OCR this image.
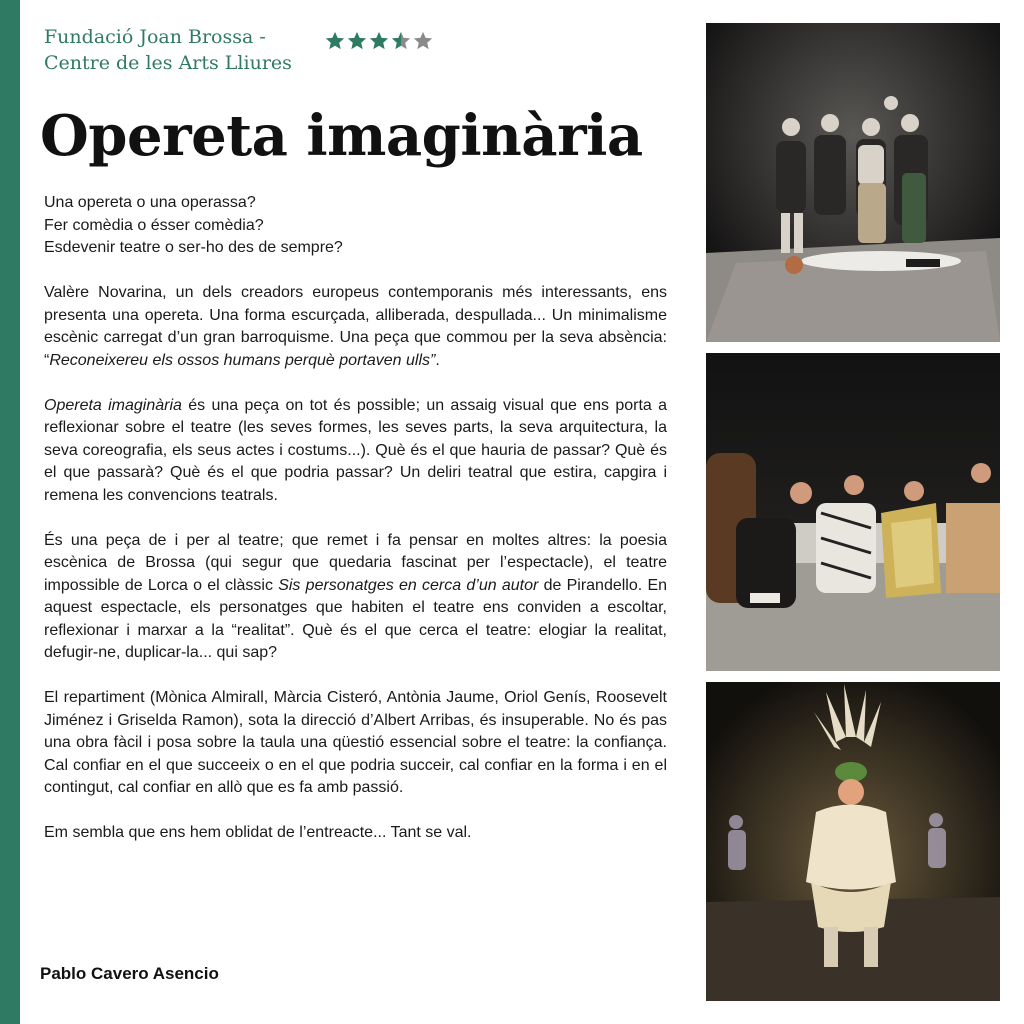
Fundació Joan Brossa -
Centre de les Arts Lliures
Opereta imaginària

Una opereta o una operassa?
Fer comèdia o ésser comèdia?
Esdevenir teatre o ser-ho des de sempre?

Valère Novarina, un dels creadors europeus contemporanis més interessants, ens presenta una opereta. Una forma escurçada, alliberada, despullada... Un minimalisme escènic carregat d’un gran barroquisme. Una peça que commou per la seva absència: “Reconeixereu els ossos humans perquè portaven ulls”.

Opereta imaginària és una peça on tot és possible; un assaig visual que ens porta a reflexionar sobre el teatre (les seves formes, les seves parts, la seva arquitectura, la seva coreografia, els seus actes i costums...). Què és el que hauria de passar? Què és el que passarà? Què és el que podria passar? Un deliri teatral que estira, capgira i remena les convencions teatrals.

És una peça de i per al teatre; que remet i fa pensar en moltes altres: la poesia escènica de Brossa (qui segur que quedaria fascinat per l’espectacle), el teatre impossible de Lorca o el clàssic Sis personatges en cerca d’un autor de Pirandello. En aquest espectacle, els personatges que habiten el teatre ens conviden a escoltar, reflexionar i marxar a la “realitat”. Què és el que cerca el teatre: elogiar la realitat, defugir-ne, duplicar-la... qui sap?

El repartiment (Mònica Almirall, Màrcia Cisteró, Antònia Jaume, Oriol Genís, Roosevelt Jiménez i Griselda Ramon), sota la direcció d’Albert Arribas, és insuperable. No és pas una obra fàcil i posa sobre la taula una qüestió essencial sobre el teatre: la confiança. Cal confiar en el que succeeix o en el que podria succeir, cal confiar en la forma i en el contingut, cal confiar en allò que es fa amb passió.

Em sembla que ens hem oblidat de l’entreacte... Tant se val.

Pablo Cavero Asencio
